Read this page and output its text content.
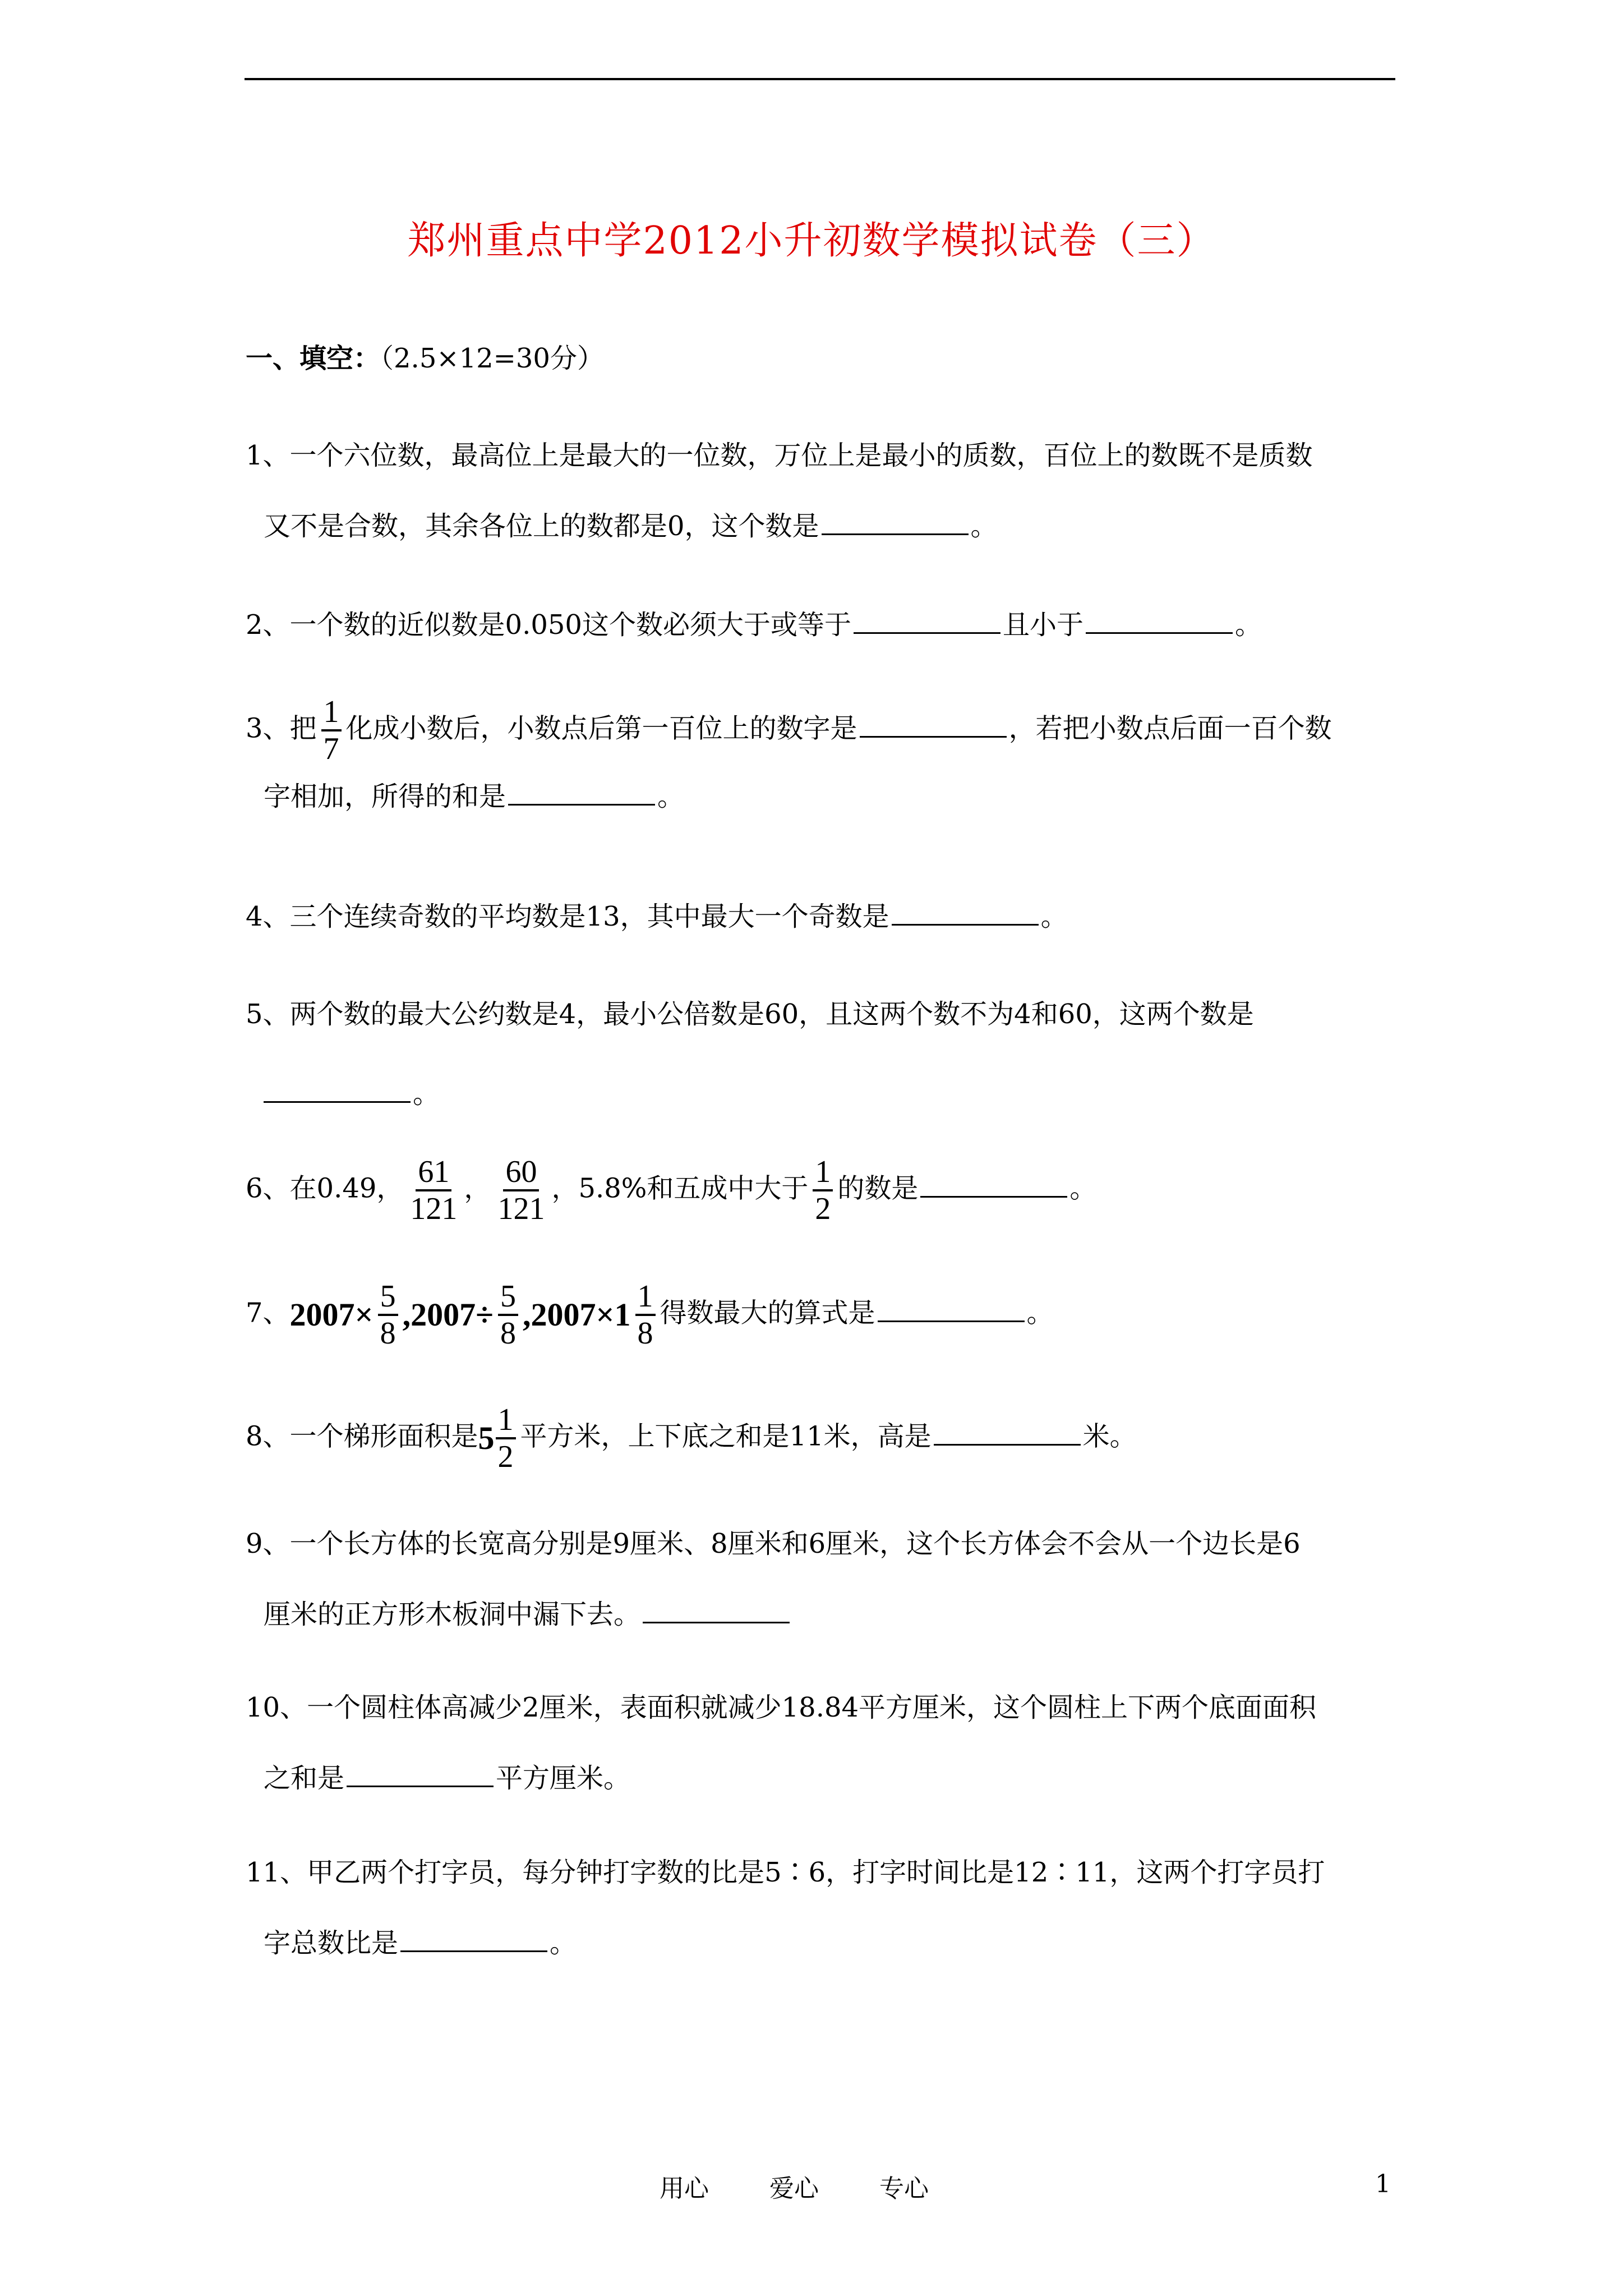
郑州重点中学2012小升初数学模拟试卷（三）
一、填空：（2.5×12=30分）
1、一个六位数，最高位上是最大的一位数，万位上是最小的质数，百位上的数既不是质数
又不是合数，其余各位上的数都是0，这个数是	。
2、一个数的近似数是0.050这个数必须大于或等于	且小于	。
3、把 $\frac{1}{7}$ 化成小数后，小数点后第一百位上的数字是	，若把小数点后面一百个数
字相加，所得的和是	。
4、三个连续奇数的平均数是13，其中最大一个奇数是	。
5、两个数的最大公约数是4，最小公倍数是60，且这两个数不为4和60，这两个数是
。
6、在0.49， $\frac{61}{121}$ ， $\frac{60}{121}$ ，5.8%和五成中大于 $\frac{1}{2}$ 的数是	。
7、$2007\times \frac{5}{8} ,2007\div \frac{5}{8} ,2007\times 1 \frac{1}{8}$ 得数最大的算式是	。
8、一个梯形面积是$5 \frac{1}{2}$ 平方米，上下底之和是11米，高是	米。
9、一个长方体的长宽高分别是9厘米、8厘米和6厘米，这个长方体会不会从一个边长是6
厘米的正方形木板洞中漏下去。
10、一个圆柱体高减少2厘米，表面积就减少18.84平方厘米，这个圆柱上下两个底面面积
之和是	平方厘米。
11、甲乙两个打字员，每分钟打字数的比是5∶6，打字时间比是12∶11，这两个打字员打
字总数比是	。
用心 爱心 专心	1
